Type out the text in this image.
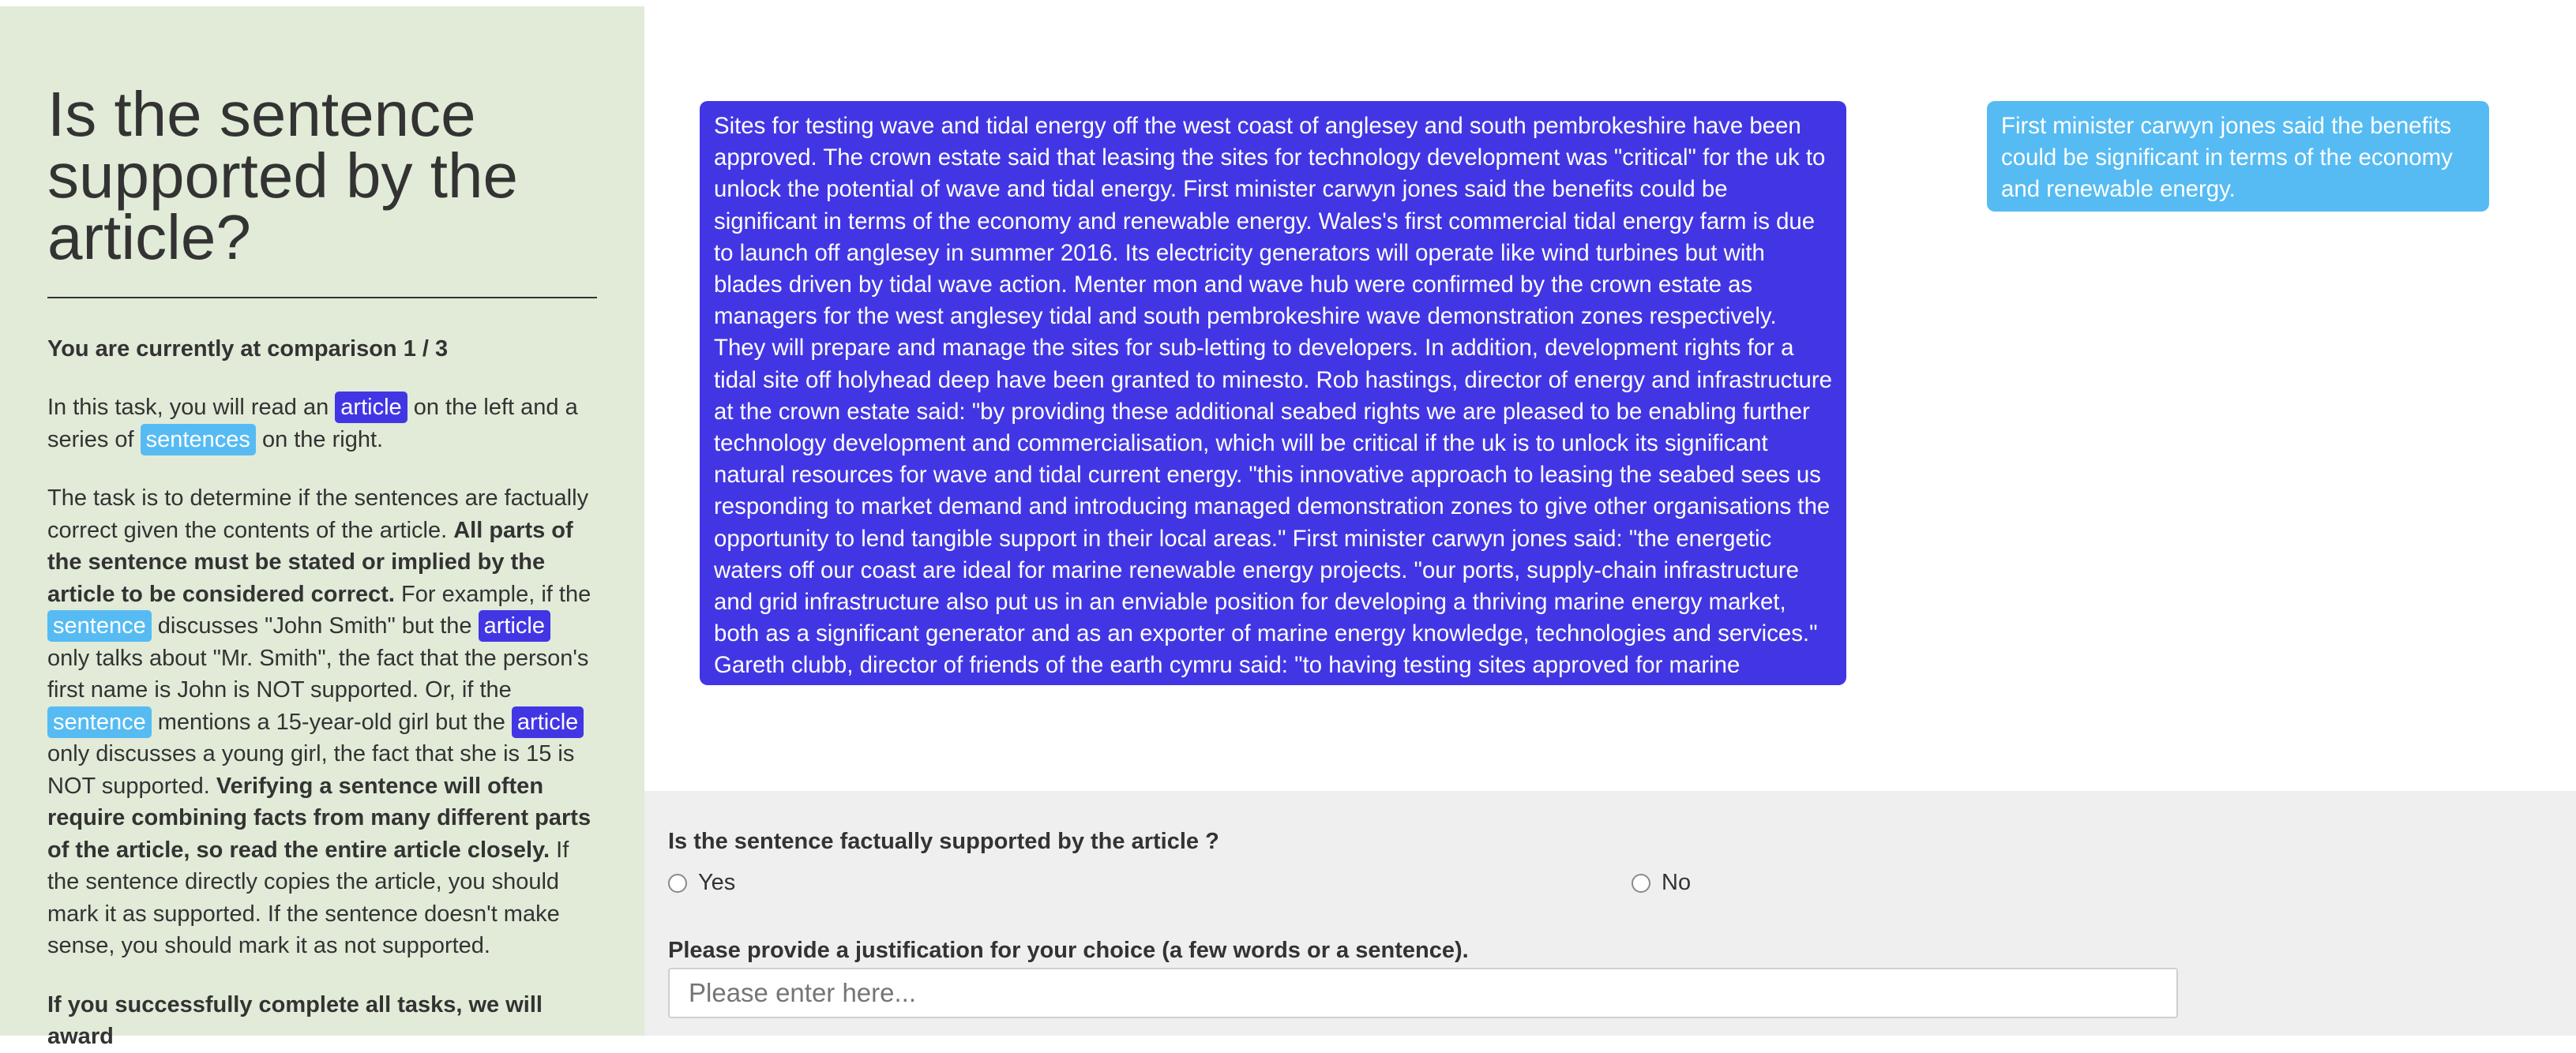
Is the sentence supported by the article?
You are currently at comparison 1 / 3
In this task, you will read an article on the left and a series of sentences on the right.
The task is to determine if the sentences are factually correct given the contents of the article. All parts of the sentence must be stated or implied by the article to be considered correct. For example, if the sentence discusses "John Smith" but the article only talks about "Mr. Smith", the fact that the person's first name is John is NOT supported. Or, if the sentence mentions a 15-year-old girl but the article only discusses a young girl, the fact that she is 15 is NOT supported. Verifying a sentence will often require combining facts from many different parts of the article, so read the entire article closely. If the sentence directly copies the article, you should mark it as supported. If the sentence doesn't make sense, you should mark it as not supported.
If you successfully complete all tasks, we will award
Sites for testing wave and tidal energy off the west coast of anglesey and south pembrokeshire have been approved. The crown estate said that leasing the sites for technology development was "critical" for the uk to unlock the potential of wave and tidal energy. First minister carwyn jones said the benefits could be significant in terms of the economy and renewable energy. Wales's first commercial tidal energy farm is due to launch off anglesey in summer 2016. Its electricity generators will operate like wind turbines but with blades driven by tidal wave action. Menter mon and wave hub were confirmed by the crown estate as managers for the west anglesey tidal and south pembrokeshire wave demonstration zones respectively. They will prepare and manage the sites for sub-letting to developers. In addition, development rights for a tidal site off holyhead deep have been granted to minesto. Rob hastings, director of energy and infrastructure at the crown estate said: "by providing these additional seabed rights we are pleased to be enabling further technology development and commercialisation, which will be critical if the uk is to unlock its significant natural resources for wave and tidal current energy. "this innovative approach to leasing the seabed sees us responding to market demand and introducing managed demonstration zones to give other organisations the opportunity to lend tangible support in their local areas." First minister carwyn jones said: "the energetic waters off our coast are ideal for marine renewable energy projects. "our ports, supply-chain infrastructure and grid infrastructure also put us in an enviable position for developing a thriving marine energy market, both as a significant generator and as an exporter of marine energy knowledge, technologies and services." Gareth clubb, director of friends of the earth cymru said: "to having testing sites approved for marine renewable energy is a significant step forward."
First minister carwyn jones said the benefits could be significant in terms of the economy and renewable energy.
Is the sentence factually supported by the article ?
Yes	No
Please provide a justification for your choice (a few words or a sentence).
Please enter here...
